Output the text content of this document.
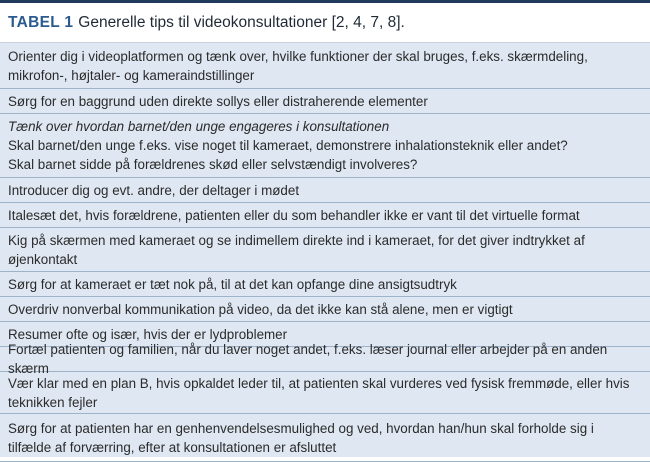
TABEL 1 Generelle tips til videokonsultationer [2, 4, 7, 8].
Orienter dig i videoplatformen og tænk over, hvilke funktioner der skal bruges, f.eks. skærmdeling,
mikrofon-, højtaler- og kameraindstillinger
Sørg for en baggrund uden direkte sollys eller distraherende elementer
Tænk over hvordan barnet/den unge engageres i konsultationen
Skal barnet/den unge f.eks. vise noget til kameraet, demonstrere inhalationsteknik eller andet?
Skal barnet sidde på forældrenes skød eller selvstændigt involveres?
Introducer dig og evt. andre, der deltager i mødet
Italesæt det, hvis forældrene, patienten eller du som behandler ikke er vant til det virtuelle format
Kig på skærmen med kameraet og se indimellem direkte ind i kameraet, for det giver indtrykket af
øjenkontakt
Sørg for at kameraet er tæt nok på, til at det kan opfange dine ansigtsudtryk
Overdriv nonverbal kommunikation på video, da det ikke kan stå alene, men er vigtigt
Resumer ofte og især, hvis der er lydproblemer
Fortæl patienten og familien, når du laver noget andet, f.eks. læser journal eller arbejder på en anden skærm
Vær klar med en plan B, hvis opkaldet leder til, at patienten skal vurderes ved fysisk fremmøde, eller hvis
teknikken fejler
Sørg for at patienten har en genhenvendelsesmulighed og ved, hvordan han/hun skal forholde sig i
tilfælde af forværring, efter at konsultationen er afsluttet
